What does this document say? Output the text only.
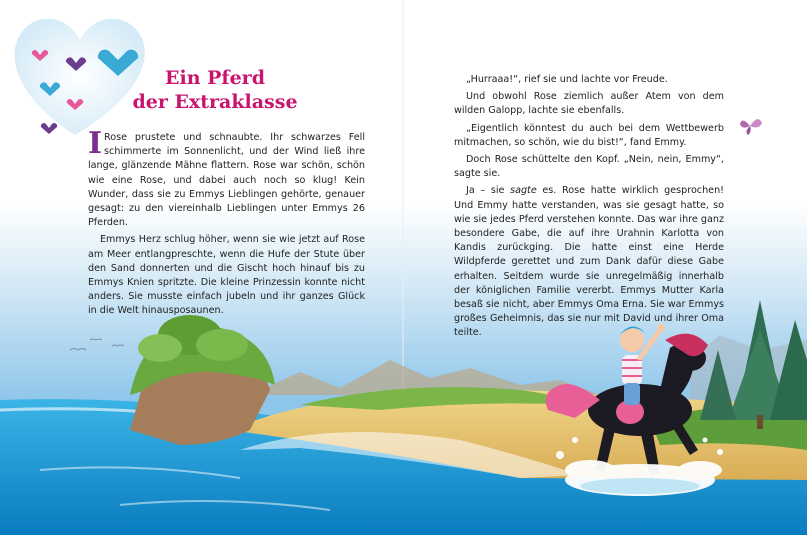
Ein Pferd
der Extraklasse

I Rose prustete und schnaubte. Ihr schwarzes Fell schimmerte im Sonnenlicht, und der Wind ließ ihre lange, glänzende Mähne flattern. Rose war schön, schön wie eine Rose, und dabei auch noch so klug! Kein Wunder, dass sie zu Emmys Lieblingen gehörte, genauer gesagt: zu den viereinhalb Lieblingen unter Emmys 26 Pferden.

Emmys Herz schlug höher, wenn sie wie jetzt auf Rose am Meer entlangpreschte, wenn die Hufe der Stute über den Sand donnerten und die Gischt hoch hinauf bis zu Emmys Knien spritzte. Die kleine Prinzessin konnte nicht anders. Sie musste einfach jubeln und ihr ganzes Glück in die Welt hinausposaunen.

„Hurraaa!“, rief sie und lachte vor Freude.

Und obwohl Rose ziemlich außer Atem von dem wilden Galopp, lachte sie ebenfalls.

„Eigentlich könntest du auch bei dem Wettbewerb mitmachen, so schön, wie du bist!“, fand Emmy.

Doch Rose schüttelte den Kopf. „Nein, nein, Emmy“, sagte sie.

Ja – sie sagte es. Rose hatte wirklich gesprochen! Und Emmy hatte verstanden, was sie gesagt hatte, so wie sie jedes Pferd verstehen konnte. Das war ihre ganz besondere Gabe, die auf ihre Urahnin Karlotta von Kandis zurückging. Die hatte einst eine Herde Wildpferde gerettet und zum Dank dafür diese Gabe erhalten. Seitdem wurde sie unregelmäßig innerhalb der königlichen Familie vererbt. Emmys Mutter Karla besaß sie nicht, aber Emmys Oma Erna. Sie war Emmys großes Geheimnis, das sie nur mit David und ihrer Oma teilte.
